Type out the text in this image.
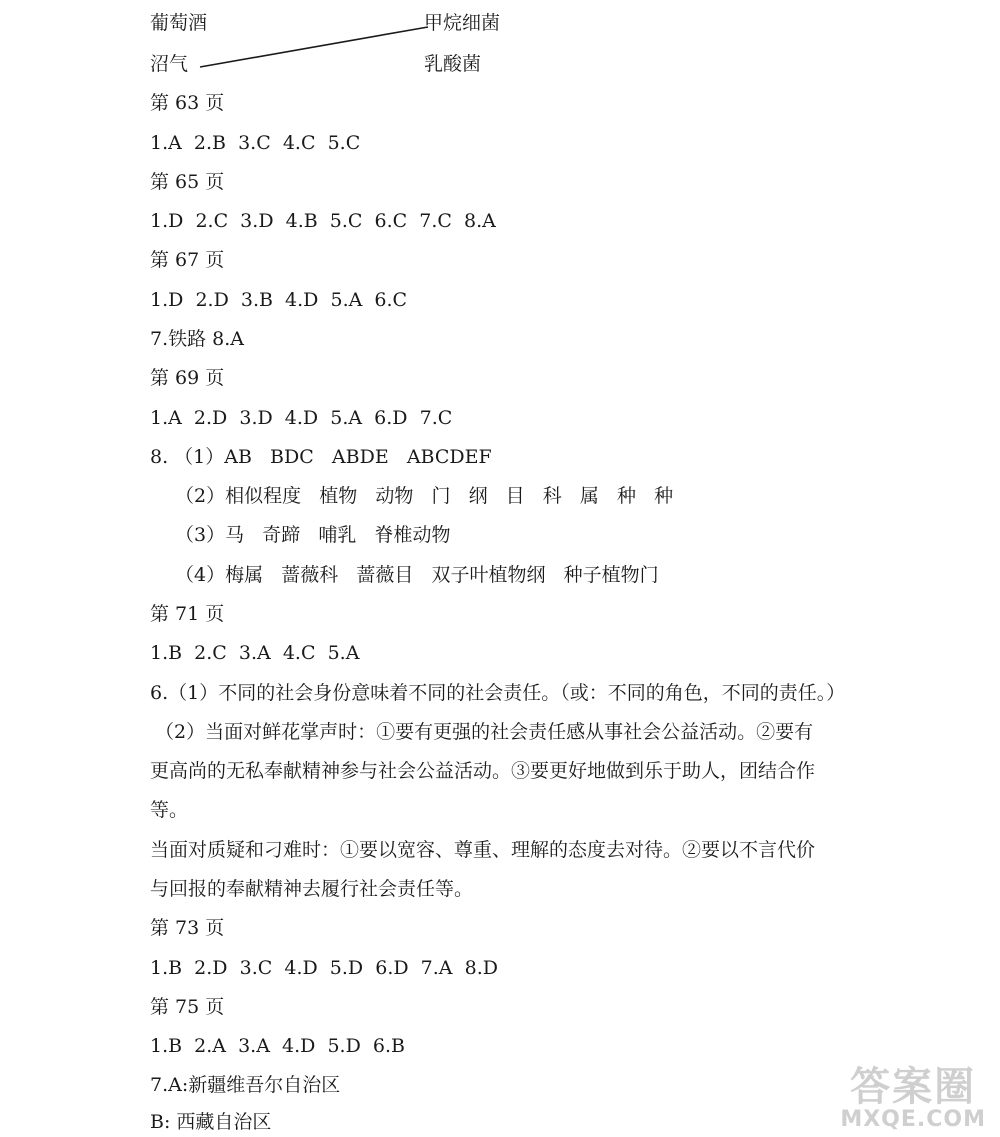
葡萄酒
沼气
甲烷细菌
乳酸菌
第 63 页
1.A  2.B  3.C  4.C  5.C
第 65 页
1.D  2.C  3.D  4.B  5.C  6.C  7.C  8.A
第 67 页
1.D  2.D  3.B  4.D  5.A  6.C
7.铁路 8.A
第 69 页
1.A  2.D  3.D  4.D  5.A  6.D  7.C
8. （1）AB   BDC   ABDE   ABCDEF
（2）相似程度   植物   动物   门   纲   目   科   属   种   种
（3）马   奇蹄   哺乳   脊椎动物
（4）梅属   蔷薇科   蔷薇目   双子叶植物纲   种子植物门
第 71 页
1.B  2.C  3.A  4.C  5.A
6.（1）不同的社会身份意味着不同的社会责任。（或：不同的角色，不同的责任。）
（2）当面对鲜花掌声时：①要有更强的社会责任感从事社会公益活动。②要有
更高尚的无私奉献精神参与社会公益活动。③要更好地做到乐于助人，团结合作
等。
当面对质疑和刁难时：①要以宽容、尊重、理解的态度去对待。②要以不言代价
与回报的奉献精神去履行社会责任等。
第 73 页
1.B  2.D  3.C  4.D  5.D  6.D  7.A  8.D
第 75 页
1.B  2.A  3.A  4.D  5.D  6.B
7.A:新疆维吾尔自治区
B: 西藏自治区
答案圈
MXQE.COM
